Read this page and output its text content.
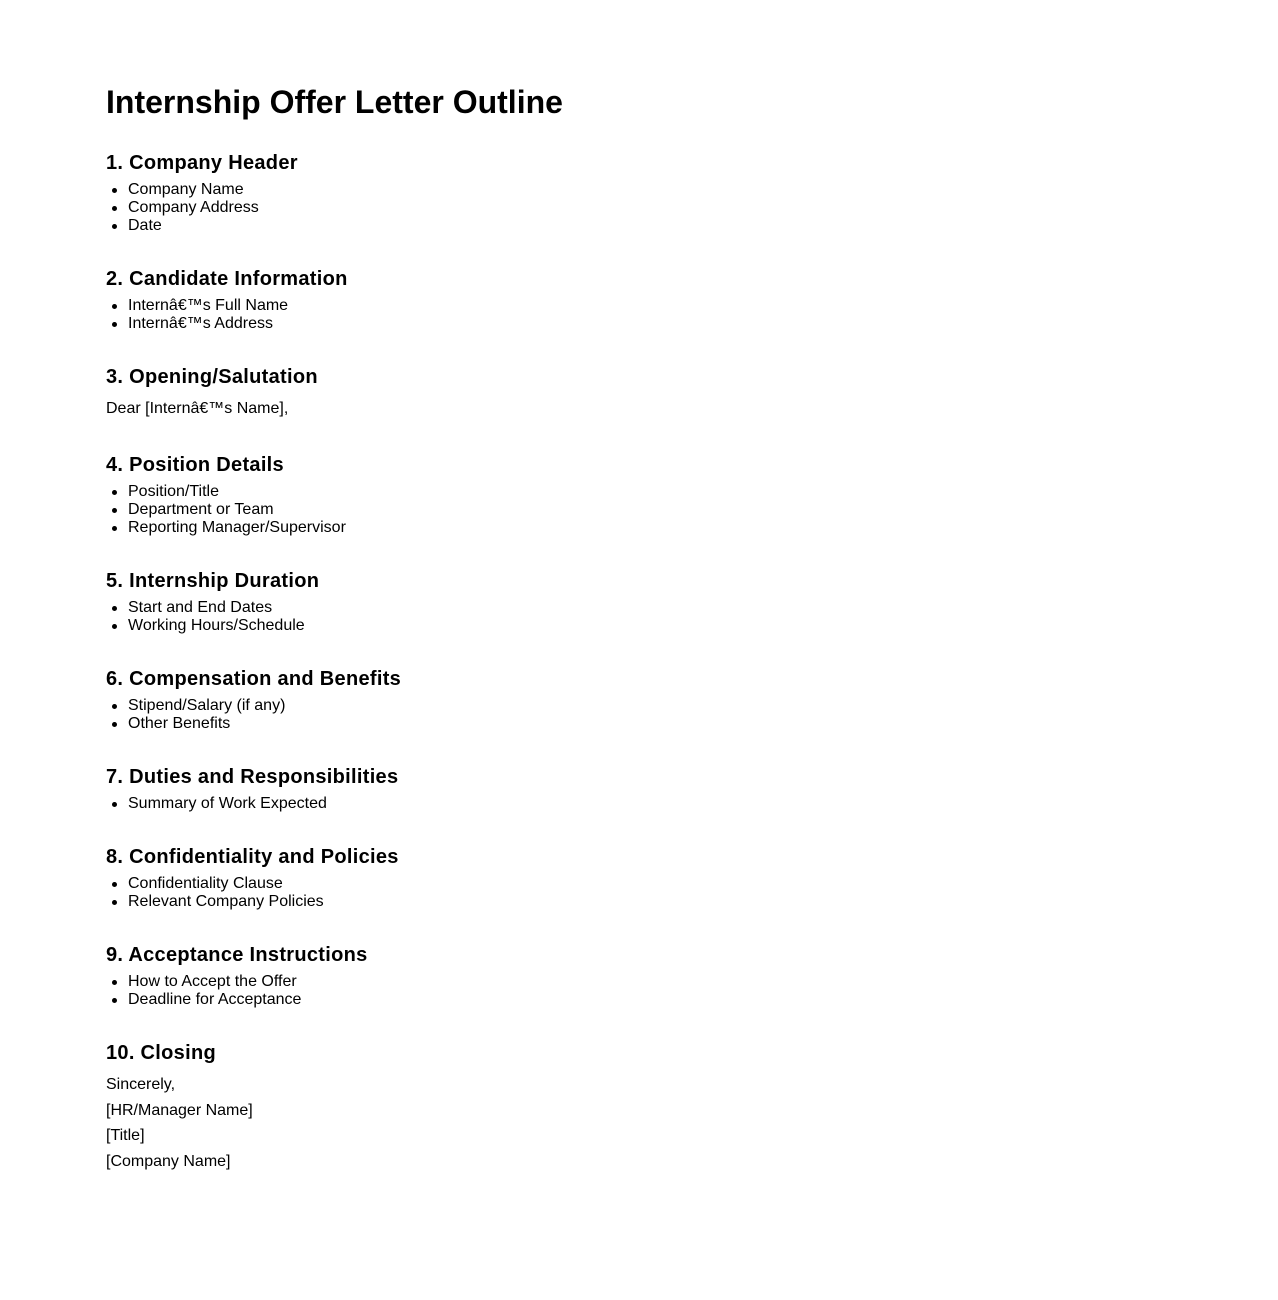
Internship Offer Letter Outline
1. Company Header
Company Name
Company Address
Date
2. Candidate Information
Internâ€™s Full Name
Internâ€™s Address
3. Opening/Salutation

Dear [Internâ€™s Name],

4. Position Details
Position/Title
Department or Team
Reporting Manager/Supervisor
5. Internship Duration
Start and End Dates
Working Hours/Schedule
6. Compensation and Benefits
Stipend/Salary (if any)
Other Benefits
7. Duties and Responsibilities
Summary of Work Expected
8. Confidentiality and Policies
Confidentiality Clause
Relevant Company Policies
9. Acceptance Instructions
How to Accept the Offer
Deadline for Acceptance
10. Closing

Sincerely,

[HR/Manager Name]

[Title]

[Company Name]
